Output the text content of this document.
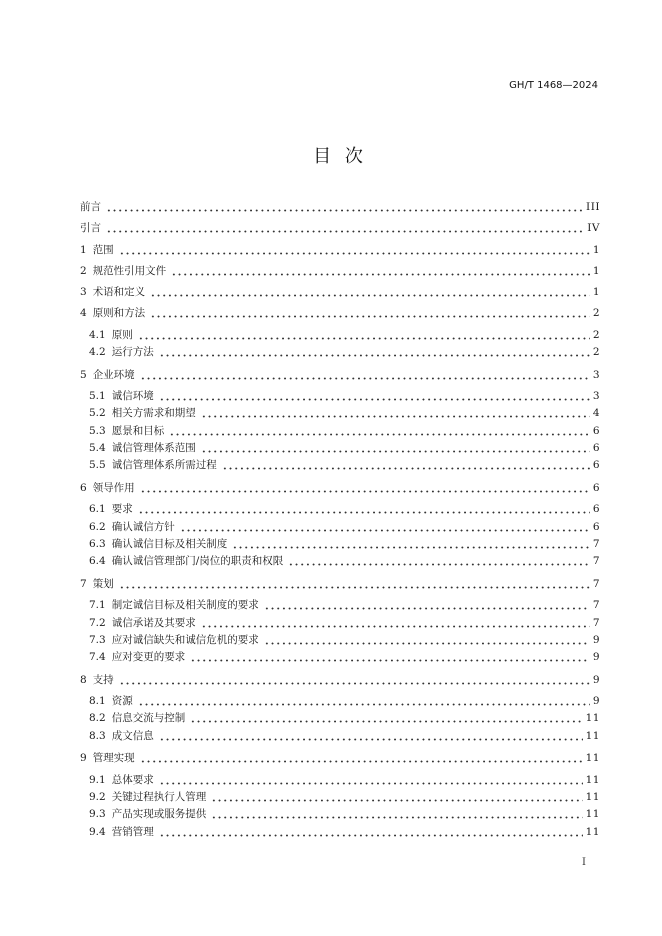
GH/T 1468—2024
目 次
前言	III
引言	IV
1 范围	1
2 规范性引用文件	1
3 术语和定义	1
4 原则和方法	2
4.1 原则	2
4.2 运行方法	2
5 企业环境	3
5.1 诚信环境	3
5.2 相关方需求和期望	4
5.3 愿景和目标	6
5.4 诚信管理体系范围	6
5.5 诚信管理体系所需过程	6
6 领导作用	6
6.1 要求	6
6.2 确认诚信方针	6
6.3 确认诚信目标及相关制度	7
6.4 确认诚信管理部门/岗位的职责和权限	7
7 策划	7
7.1 制定诚信目标及相关制度的要求	7
7.2 诚信承诺及其要求	7
7.3 应对诚信缺失和诚信危机的要求	9
7.4 应对变更的要求	9
8 支持	9
8.1 资源	9
8.2 信息交流与控制	11
8.3 成文信息	11
9 管理实现	11
9.1 总体要求	11
9.2 关键过程执行人管理	11
9.3 产品实现或服务提供	11
9.4 营销管理	11
I
